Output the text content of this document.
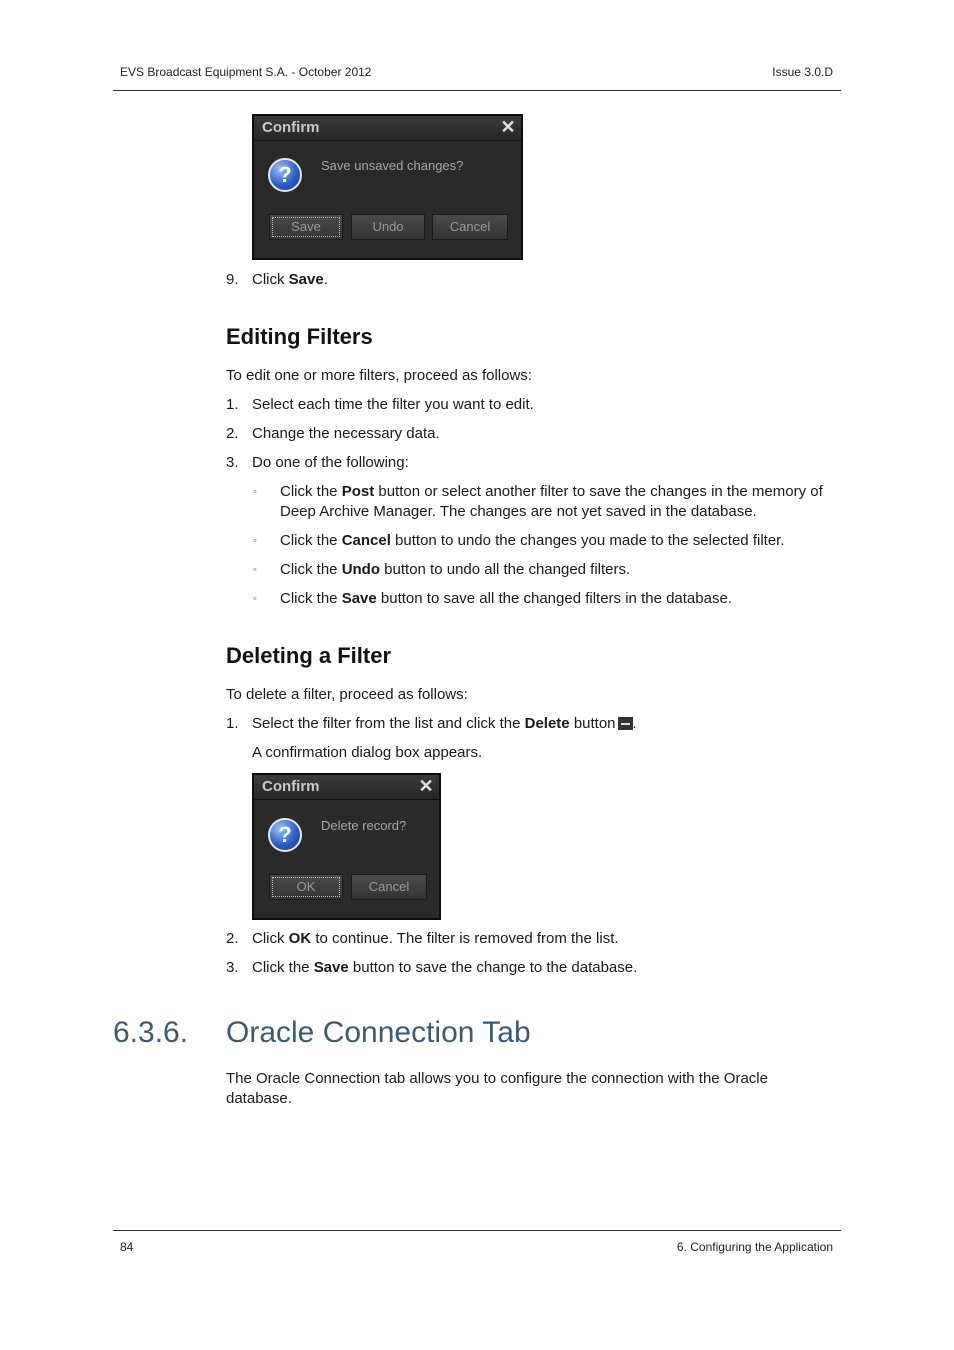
EVS Broadcast Equipment S.A. - October 2012	Issue 3.0.D
Confirm	✕
?	Save unsaved changes?
Save	Undo	Cancel
9. Click Save.
Editing Filters
To edit one or more filters, proceed as follows:
1. Select each time the filter you want to edit.
2. Change the necessary data.
3. Do one of the following:
◦ Click the Post button or select another filter to save the changes in the memory of
Deep Archive Manager. The changes are not yet saved in the database.
◦ Click the Cancel button to undo the changes you made to the selected filter.
◦ Click the Undo button to undo all the changed filters.
◦ Click the Save button to save all the changed filters in the database.
Deleting a Filter
To delete a filter, proceed as follows:
1. Select the filter from the list and click the Delete button .
A confirmation dialog box appears.
Confirm	✕
?	Delete record?
OK	Cancel
2. Click OK to continue. The filter is removed from the list.
3. Click the Save button to save the change to the database.
6.3.6. Oracle Connection Tab
The Oracle Connection tab allows you to configure the connection with the Oracle
database.
84	6. Configuring the Application
